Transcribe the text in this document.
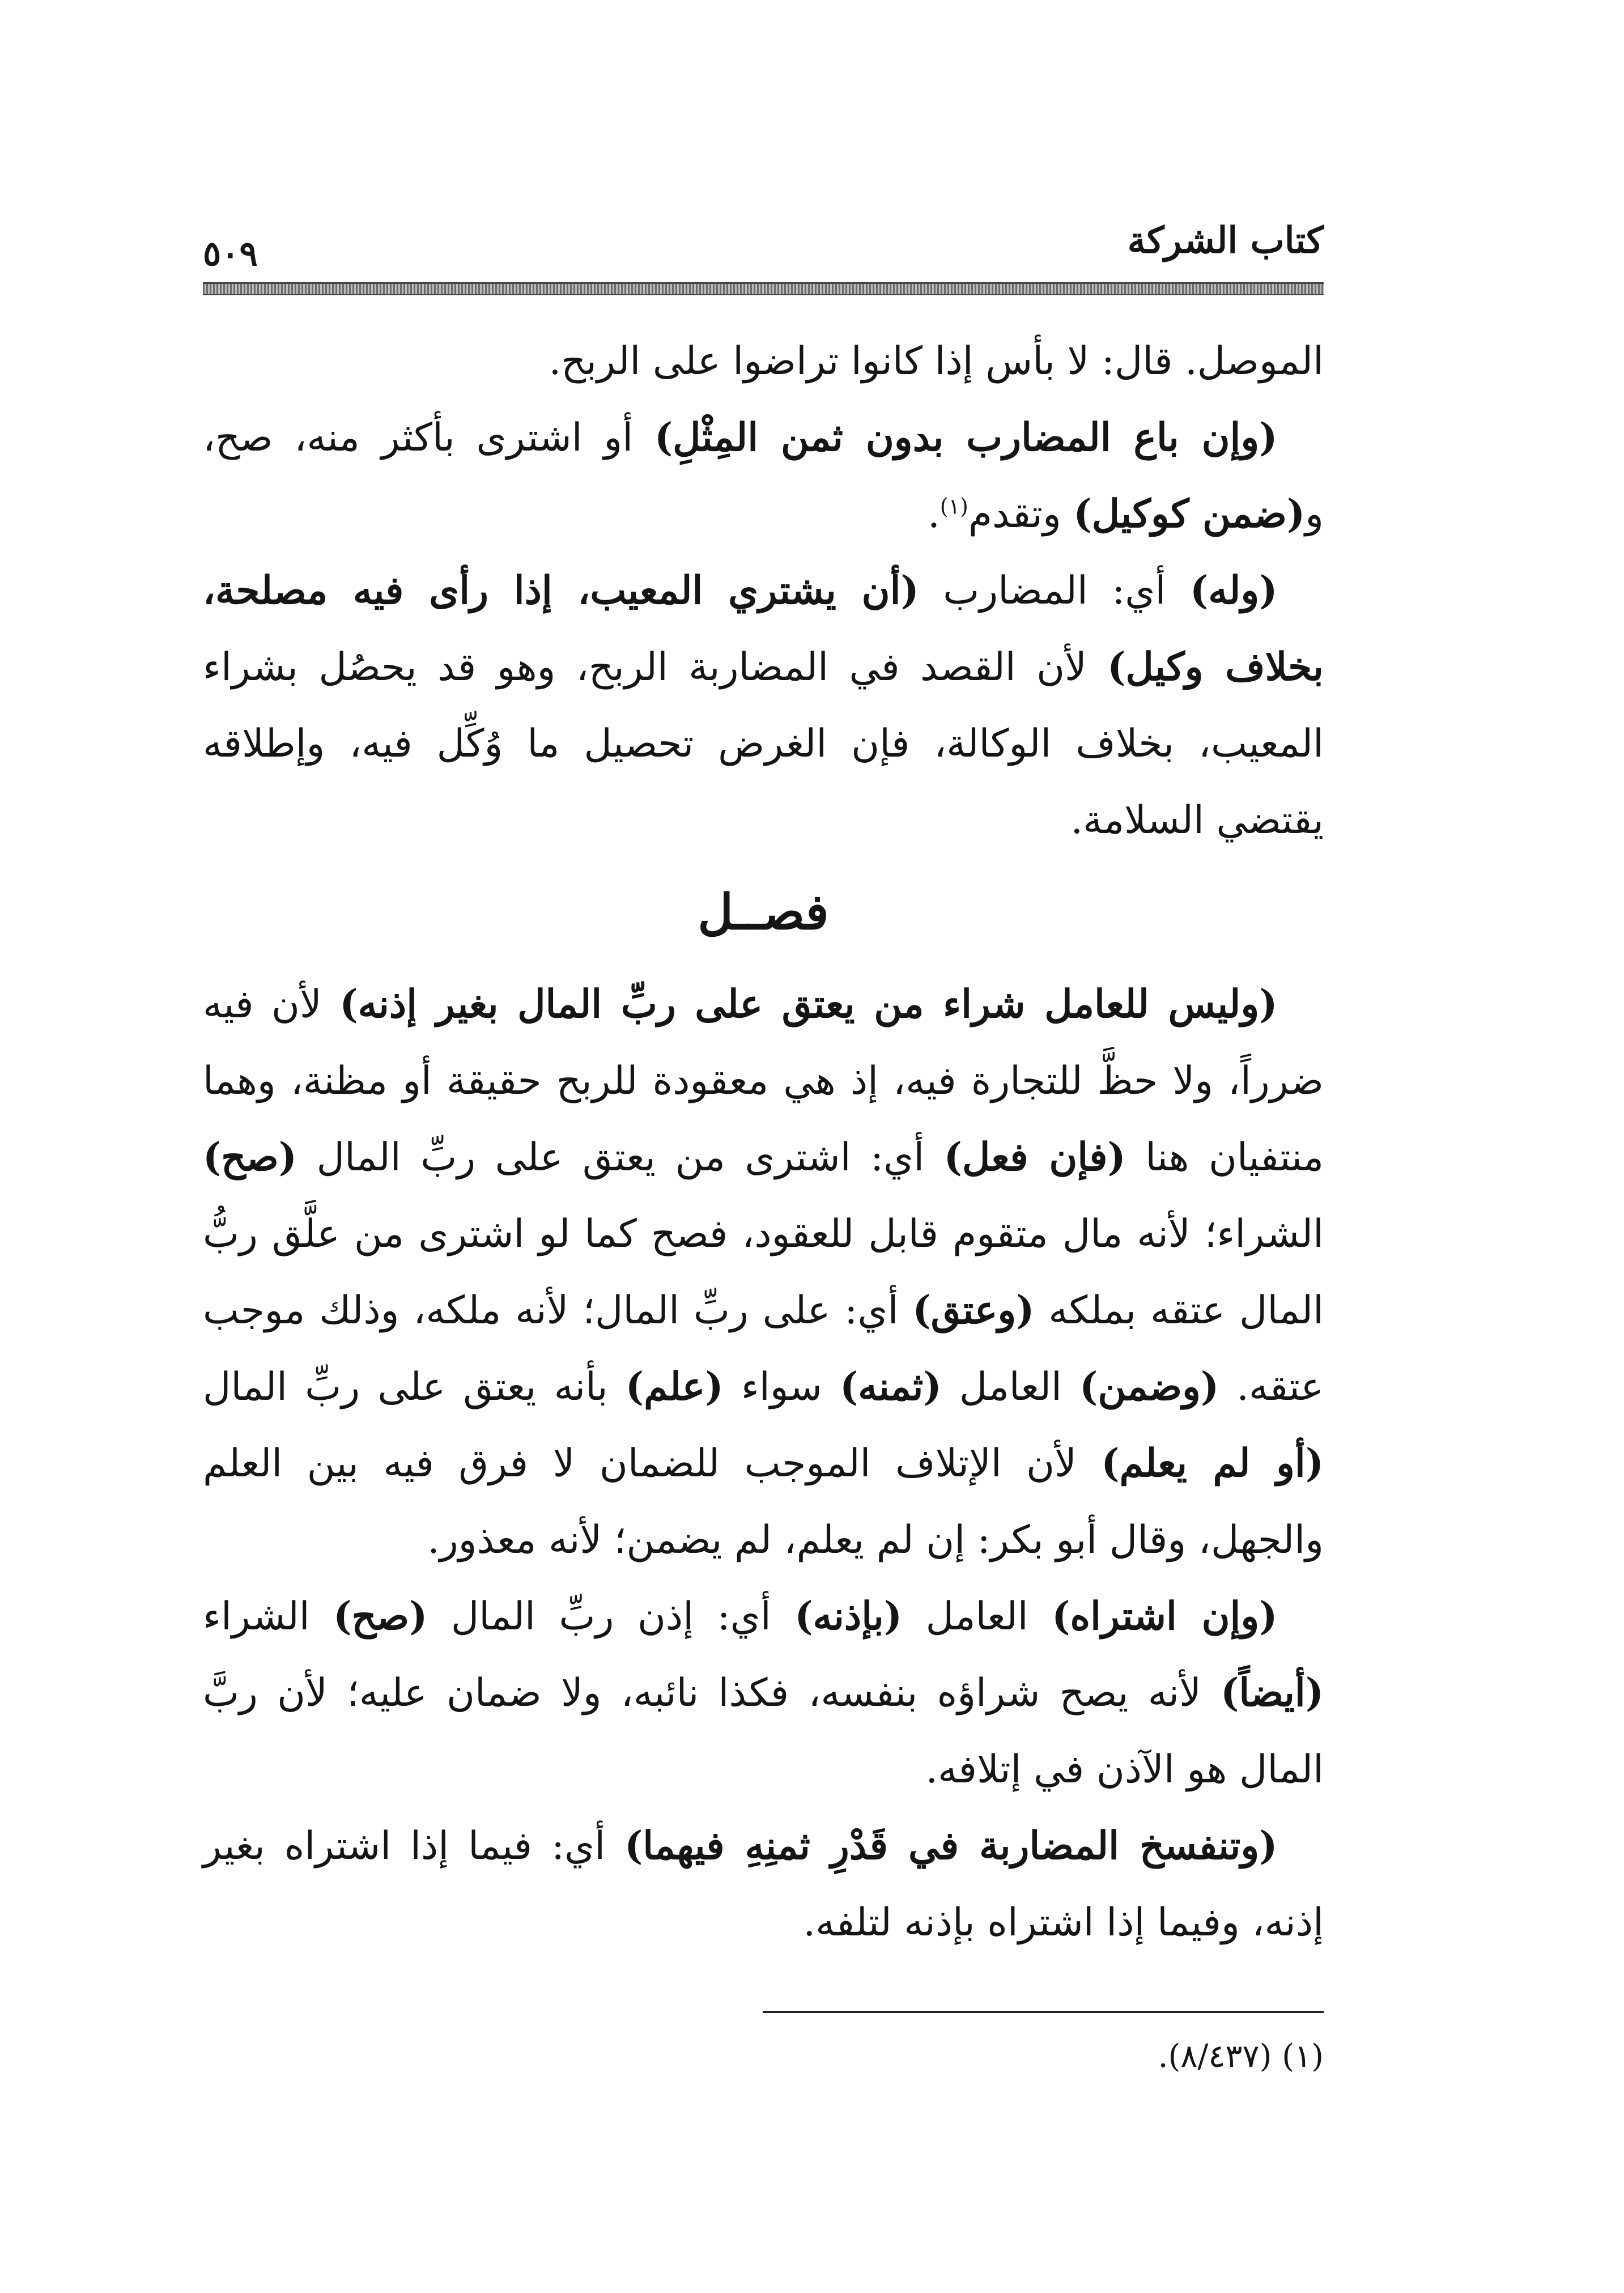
كتاب الشركة
٥٠٩

الموصل. قال: لا بأس إذا كانوا تراضوا على الربح.

(وإن باع المضارب بدون ثمن المِثْلِ) أو اشترى بأكثر منه، صح، و(ضمن كوكيل) وتقدم$^{(١)}$.

(وله) أي: المضارب (أن يشتري المعيب، إذا رأى فيه مصلحة، بخلاف وكيل) لأن القصد في المضاربة الربح، وهو قد يحصُل بشراء المعيب، بخلاف الوكالة، فإن الغرض تحصيل ما وُكِّل فيه، وإطلاقه يقتضي السلامة.

فصــل

(وليس للعامل شراء من يعتق على ربِّ المال بغير إذنه) لأن فيه ضرراً، ولا حظَّ للتجارة فيه، إذ هي معقودة للربح حقيقة أو مظنة، وهما منتفيان هنا (فإن فعل) أي: اشترى من يعتق على ربِّ المال (صح) الشراء؛ لأنه مال متقوم قابل للعقود، فصح كما لو اشترى من علَّق ربُّ المال عتقه بملكه (وعتق) أي: على ربِّ المال؛ لأنه ملكه، وذلك موجب عتقه. (وضمن) العامل (ثمنه) سواء (علم) بأنه يعتق على ربِّ المال (أو لم يعلم) لأن الإتلاف الموجب للضمان لا فرق فيه بين العلم والجهل، وقال أبو بكر: إن لم يعلم، لم يضمن؛ لأنه معذور.

(وإن اشتراه) العامل (بإذنه) أي: إذن ربِّ المال (صح) الشراء (أيضاً) لأنه يصح شراؤه بنفسه، فكذا نائبه، ولا ضمان عليه؛ لأن ربَّ المال هو الآذن في إتلافه.

(وتنفسخ المضاربة في قَدْرِ ثمنِهِ فيهما) أي: فيما إذا اشتراه بغير إذنه، وفيما إذا اشتراه بإذنه لتلفه.

(١) (٨/٤٣٧).
